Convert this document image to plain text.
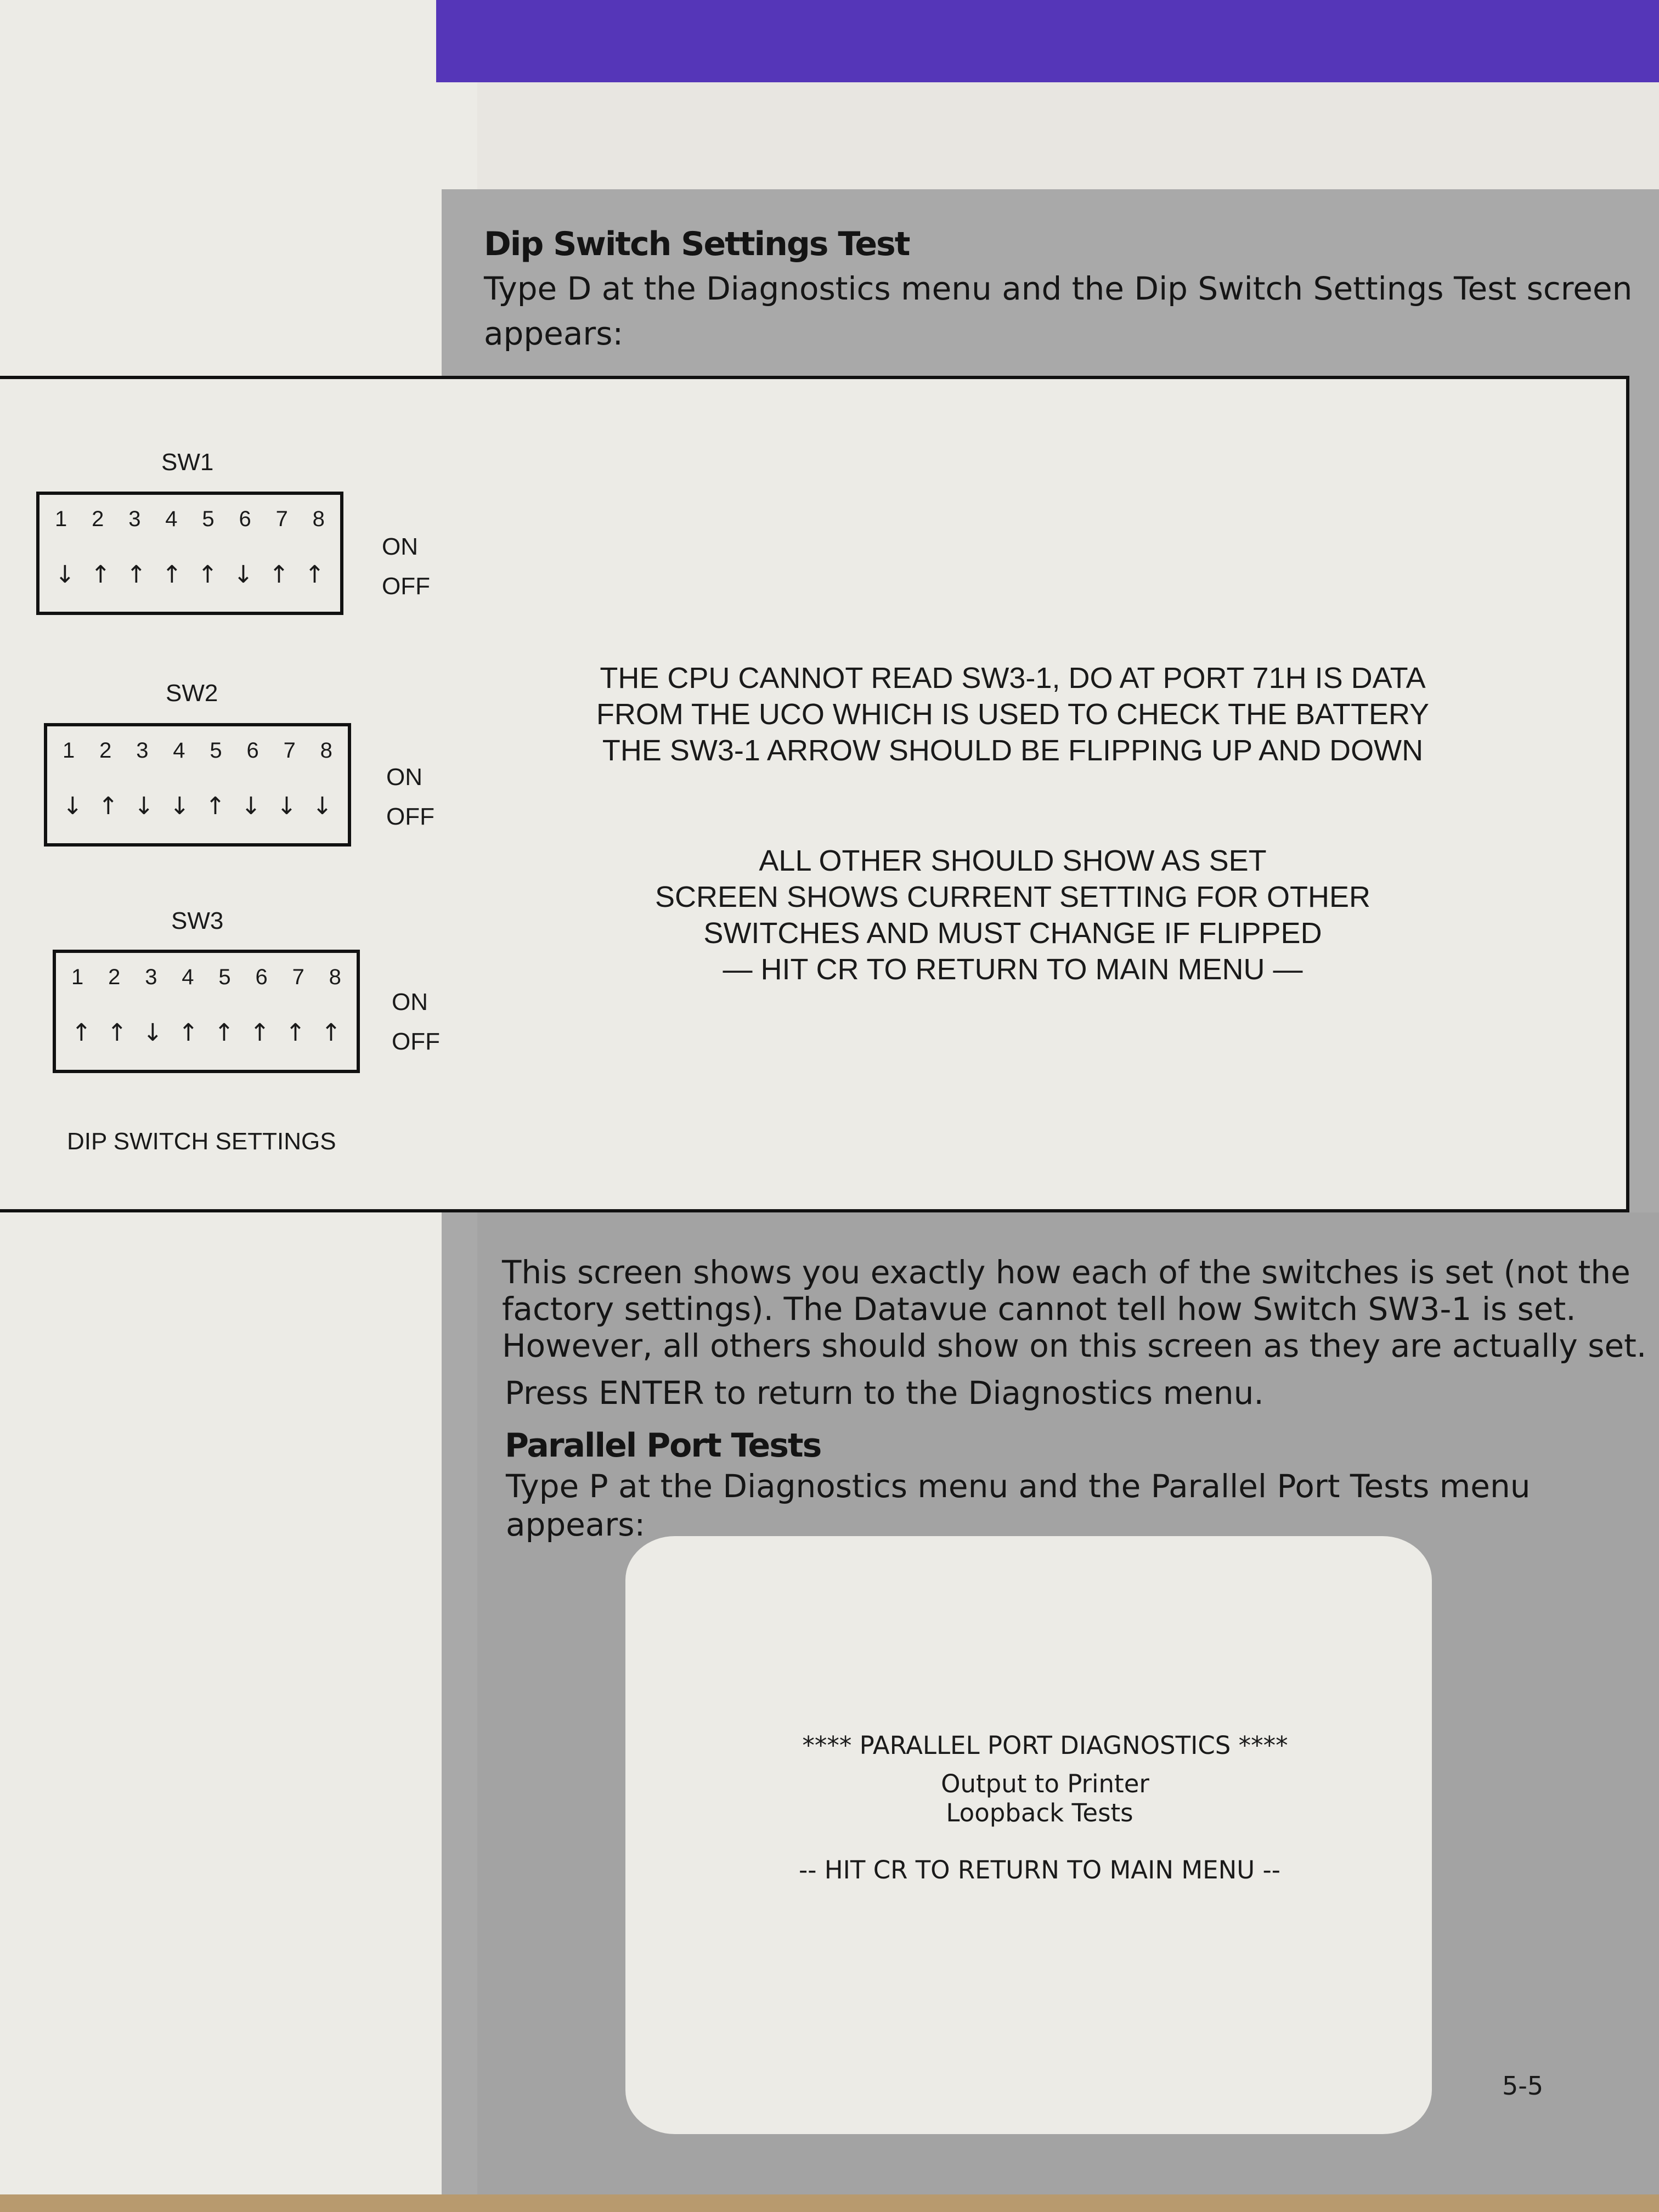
Dip Switch Settings Test
Type D at the Diagnostics menu and the Dip Switch Settings Test screen
appears:
SW1
1 2 3 4 5 6 7 8
↓ ↑ ↑ ↑ ↑ ↓ ↑ ↑
ON
OFF
SW2
1 2 3 4 5 6 7 8
↓ ↑ ↓ ↓ ↑ ↓ ↓ ↓
ON
OFF
SW3
1 2 3 4 5 6 7 8
↑ ↑ ↓ ↑ ↑ ↑ ↑ ↑
ON
OFF
DIP SWITCH SETTINGS
THE CPU CANNOT READ SW3-1, DO AT PORT 71H IS DATA
FROM THE UCO WHICH IS USED TO CHECK THE BATTERY
THE SW3-1 ARROW SHOULD BE FLIPPING UP AND DOWN
ALL OTHER SHOULD SHOW AS SET
SCREEN SHOWS CURRENT SETTING FOR OTHER
SWITCHES AND MUST CHANGE IF FLIPPED
— HIT CR TO RETURN TO MAIN MENU —
This screen shows you exactly how each of the switches is set (not the
factory settings). The Datavue cannot tell how Switch SW3-1 is set.
However, all others should show on this screen as they are actually set.
Press ENTER to return to the Diagnostics menu.
Parallel Port Tests
Type P at the Diagnostics menu and the Parallel Port Tests menu
appears:
**** PARALLEL PORT DIAGNOSTICS ****
Output to Printer
Loopback Tests
-- HIT CR TO RETURN TO MAIN MENU --
5-5
